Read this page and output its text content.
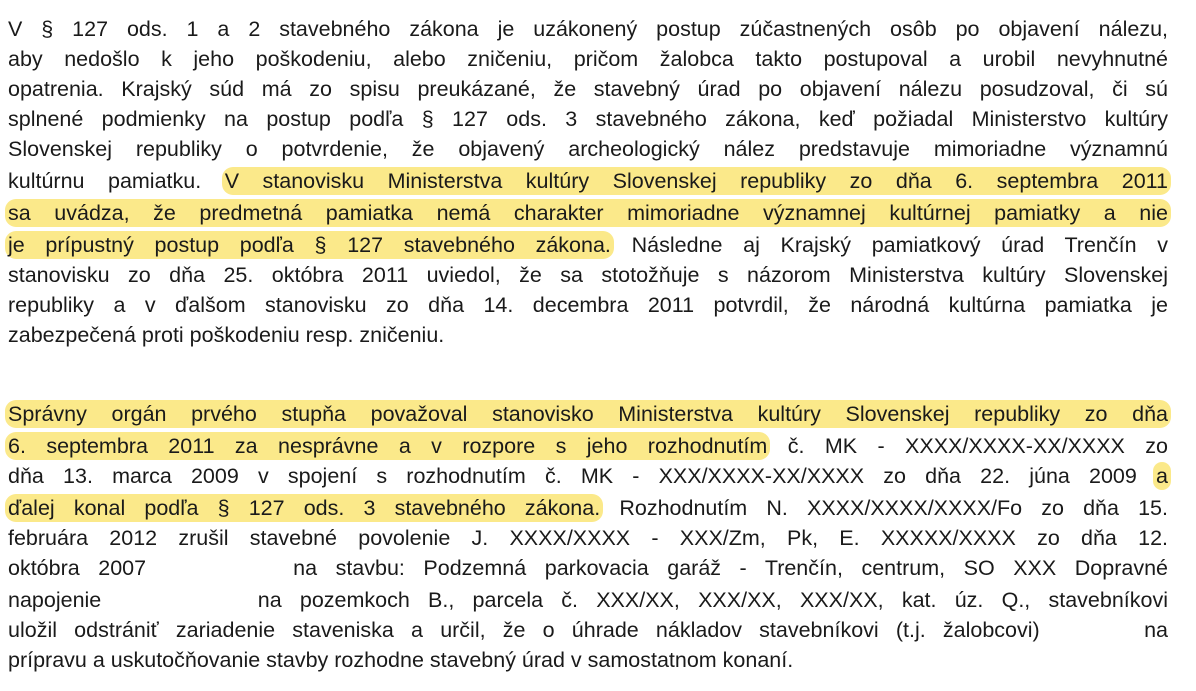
V § 127 ods. 1 a 2 stavebného zákona je uzákonený postup zúčastnených osôb po objavení nálezu,
aby nedošlo k jeho poškodeniu, alebo zničeniu, pričom žalobca takto postupoval a urobil nevyhnutné
opatrenia. Krajský súd má zo spisu preukázané, že stavebný úrad po objavení nálezu posudzoval, či sú
splnené podmienky na postup podľa § 127 ods. 3 stavebného zákona, keď požiadal Ministerstvo kultúry
Slovenskej republiky o potvrdenie, že objavený archeologický nález predstavuje mimoriadne významnú
kultúrnu pamiatku. V stanovisku Ministerstva kultúry Slovenskej republiky zo dňa 6. septembra 2011
sa uvádza, že predmetná pamiatka nemá charakter mimoriadne významnej kultúrnej pamiatky a nie
je prípustný postup podľa § 127 stavebného zákona. Následne aj Krajský pamiatkový úrad Trenčín v
stanovisku zo dňa 25. októbra 2011 uviedol, že sa stotožňuje s názorom Ministerstva kultúry Slovenskej
republiky a v ďalšom stanovisku zo dňa 14. decembra 2011 potvrdil, že národná kultúrna pamiatka je
zabezpečená proti poškodeniu resp. zničeniu.
Správny orgán prvého stupňa považoval stanovisko Ministerstva kultúry Slovenskej republiky zo dňa
6. septembra 2011 za nesprávne a v rozpore s jeho rozhodnutím č. MK - XXXX/XXXX-XX/XXXX zo
dňa 13. marca 2009 v spojení s rozhodnutím č. MK - XXX/XXXX-XX/XXXX zo dňa 22. júna 2009 a
ďalej konal podľa § 127 ods. 3 stavebného zákona. Rozhodnutím N. XXXX/XXXX/XXXX/Fo zo dňa 15.
februára 2012 zrušil stavebné povolenie J. XXXX/XXXX - XXX/Zm, Pk, E. XXXXX/XXXX zo dňa 12.
októbra 2007	na stavbu: Podzemná parkovacia garáž - Trenčín, centrum, SO XXX Dopravné
napojenie	na pozemkoch B., parcela č. XXX/XX, XXX/XX, XXX/XX, kat. úz. Q., stavebníkovi
uložil odstrániť zariadenie staveniska a určil, že o úhrade nákladov stavebníkovi (t.j. žalobcovi)	na
prípravu a uskutočňovanie stavby rozhodne stavebný úrad v samostatnom konaní.
